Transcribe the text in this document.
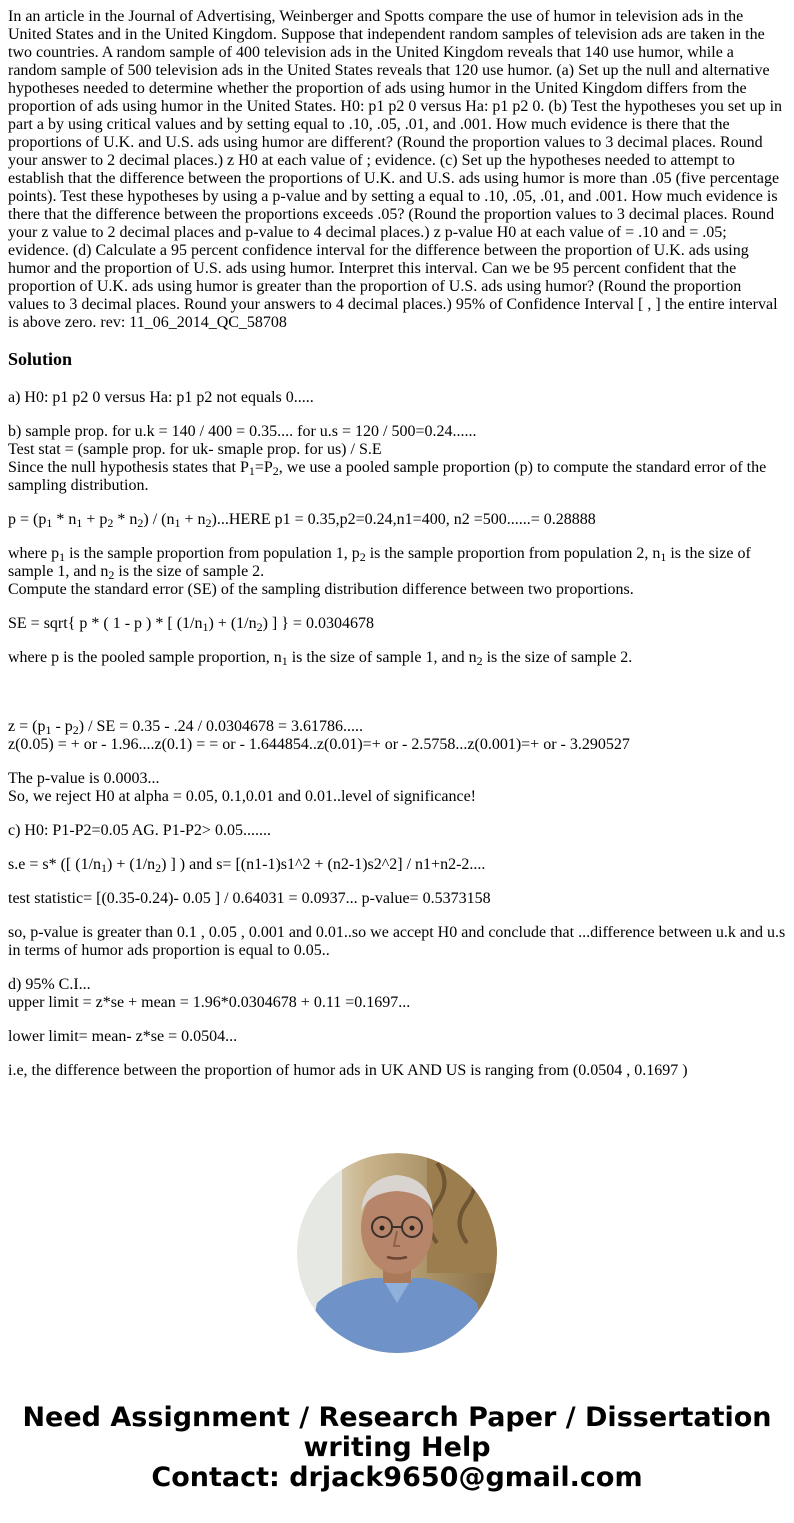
In an article in the Journal of Advertising, Weinberger and Spotts compare the use of humor in television ads in the United States and in the United Kingdom. Suppose that independent random samples of television ads are taken in the two countries. A random sample of 400 television ads in the United Kingdom reveals that 140 use humor, while a random sample of 500 television ads in the United States reveals that 120 use humor. (a) Set up the null and alternative hypotheses needed to determine whether the proportion of ads using humor in the United Kingdom differs from the proportion of ads using humor in the United States. H0: p1 p2 0 versus Ha: p1 p2 0. (b) Test the hypotheses you set up in part a by using critical values and by setting equal to .10, .05, .01, and .001. How much evidence is there that the proportions of U.K. and U.S. ads using humor are different? (Round the proportion values to 3 decimal places. Round your answer to 2 decimal places.) z H0 at each value of ; evidence. (c) Set up the hypotheses needed to attempt to establish that the difference between the proportions of U.K. and U.S. ads using humor is more than .05 (five percentage points). Test these hypotheses by using a p-value and by setting a equal to .10, .05, .01, and .001. How much evidence is there that the difference between the proportions exceeds .05? (Round the proportion values to 3 decimal places. Round your z value to 2 decimal places and p-value to 4 decimal places.) z p-value H0 at each value of = .10 and = .05; evidence. (d) Calculate a 95 percent confidence interval for the difference between the proportion of U.K. ads using humor and the proportion of U.S. ads using humor. Interpret this interval. Can we be 95 percent confident that the proportion of U.K. ads using humor is greater than the proportion of U.S. ads using humor? (Round the proportion values to 3 decimal places. Round your answers to 4 decimal places.) 95% of Confidence Interval [ , ] the entire interval is above zero. rev: 11_06_2014_QC_58708
Solution

a) H0: p1 p2 0 versus Ha: p1 p2 not equals 0.....

b) sample prop. for u.k = 140 / 400 = 0.35.... for u.s = 120 / 500=0.24......
Test stat = (sample prop. for uk- smaple prop. for us) / S.E
Since the null hypothesis states that $P_1=P_2$, we use a pooled sample proportion (p) to compute the standard error of the sampling distribution.

$p = (p_1 * n_1 + p_2 * n_2) / (n_1$ + $n_2)...HERE$ p1 = 0.35,p2=0.24,n1=400, n2 =500......= 0.28888

where $p_1$ is the sample proportion from population 1, $p_2$ is the sample proportion from population 2, $n_1$ is the size of sample 1, and $n_2$ is the size of sample 2.
Compute the standard error (SE) of the sampling distribution difference between two proportions.

SE = sqrt{ p * ( 1 - p ) * [ $(1/n_1) + (1/n_2)$ ] } = 0.0304678

where p is the pooled sample proportion, $n_1$ is the size of sample 1, and $n_2$ is the size of sample 2.

$z = (p_1 - p_2)$ / SE = 0.35 - .24 / 0.0304678 = 3.61786.....
z(0.05) = + or - 1.96....z(0.1) = = or - 1.644854..z(0.01)=+ or - 2.5758...z(0.001)=+ or - 3.290527

The p-value is 0.0003...
So, we reject H0 at alpha = 0.05, 0.1,0.01 and 0.01..level of significance!

c) H0: P1-P2=0.05 AG. P1-P2> 0.05.......

s.e = s* ([ $(1/n_1) + (1/n_2)$ ] ) and s= [(n1-1)s1^2 + (n2-1)s2^2] / n1+n2-2....

test statistic= [(0.35-0.24)- 0.05 ] / 0.64031 = 0.0937... p-value= 0.5373158

so, p-value is greater than 0.1 , 0.05 , 0.001 and 0.01..so we accept H0 and conclude that ...difference between u.k and u.s in terms of humor ads proportion is equal to 0.05..

d) 95% C.I...
upper limit = z*se + mean = 1.96*0.0304678 + 0.11 =0.1697...

lower limit= mean- z*se = 0.0504...

i.e, the difference between the proportion of humor ads in UK AND US is ranging from (0.0504 , 0.1697 )

Need Assignment / Research Paper / Dissertation
writing Help
Contact: drjack9650@gmail.com
